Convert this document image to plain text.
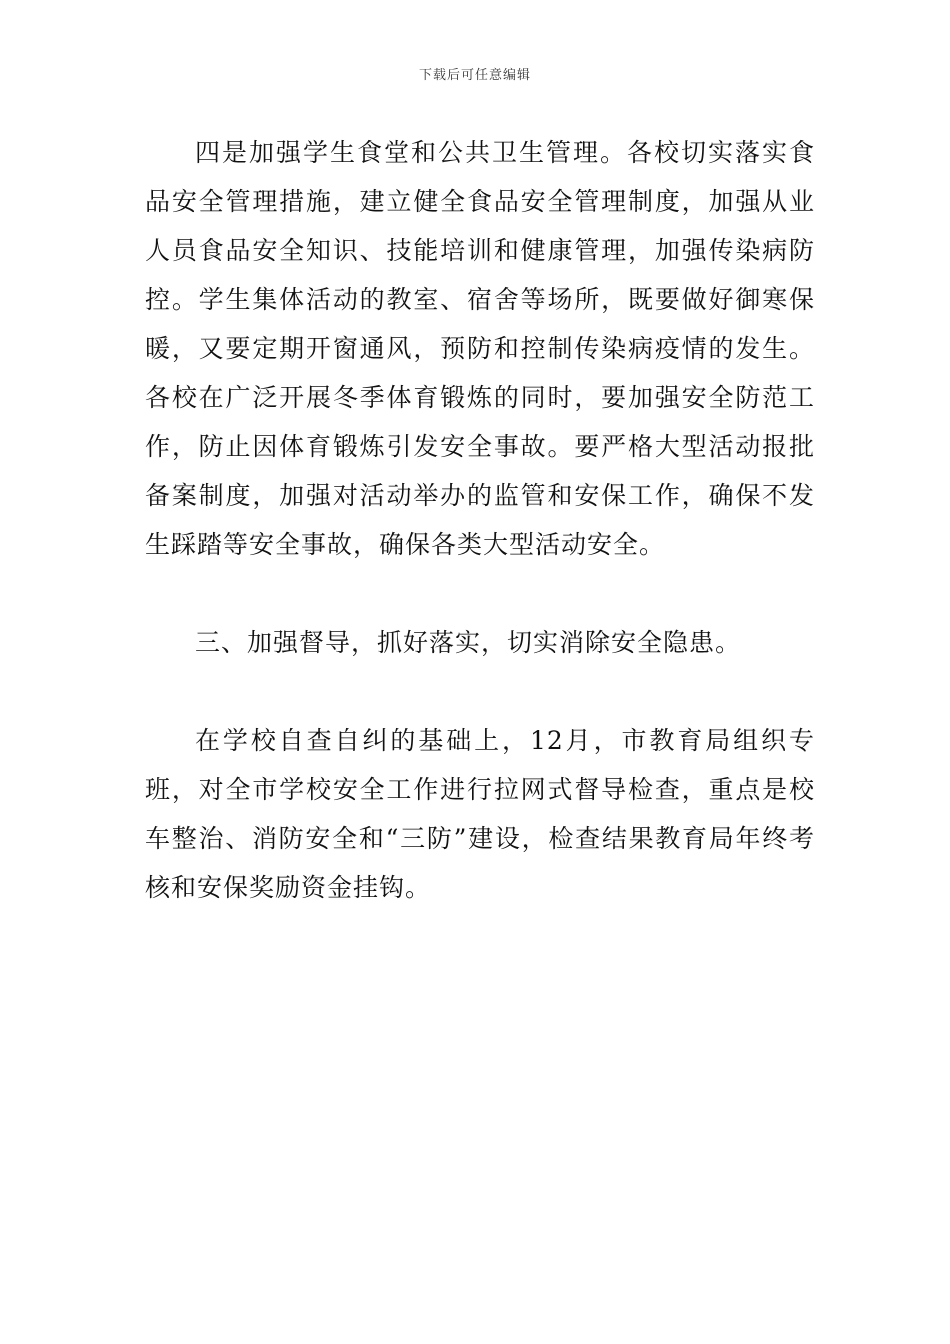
下载后可任意编辑

四是加强学生食堂和公共卫生管理。各校切实落实食品安全管理措施，建立健全食品安全管理制度，加强从业人员食品安全知识、技能培训和健康管理，加强传染病防控。学生集体活动的教室、宿舍等场所，既要做好御寒保暖，又要定期开窗通风，预防和控制传染病疫情的发生。各校在广泛开展冬季体育锻炼的同时，要加强安全防范工作，防止因体育锻炼引发安全事故。要严格大型活动报批备案制度，加强对活动举办的监管和安保工作，确保不发生踩踏等安全事故，确保各类大型活动安全。

三、加强督导，抓好落实，切实消除安全隐患。

在学校自查自纠的基础上，12月，市教育局组织专班，对全市学校安全工作进行拉网式督导检查，重点是校车整治、消防安全和“三防”建设，检查结果教育局年终考核和安保奖励资金挂钩。
